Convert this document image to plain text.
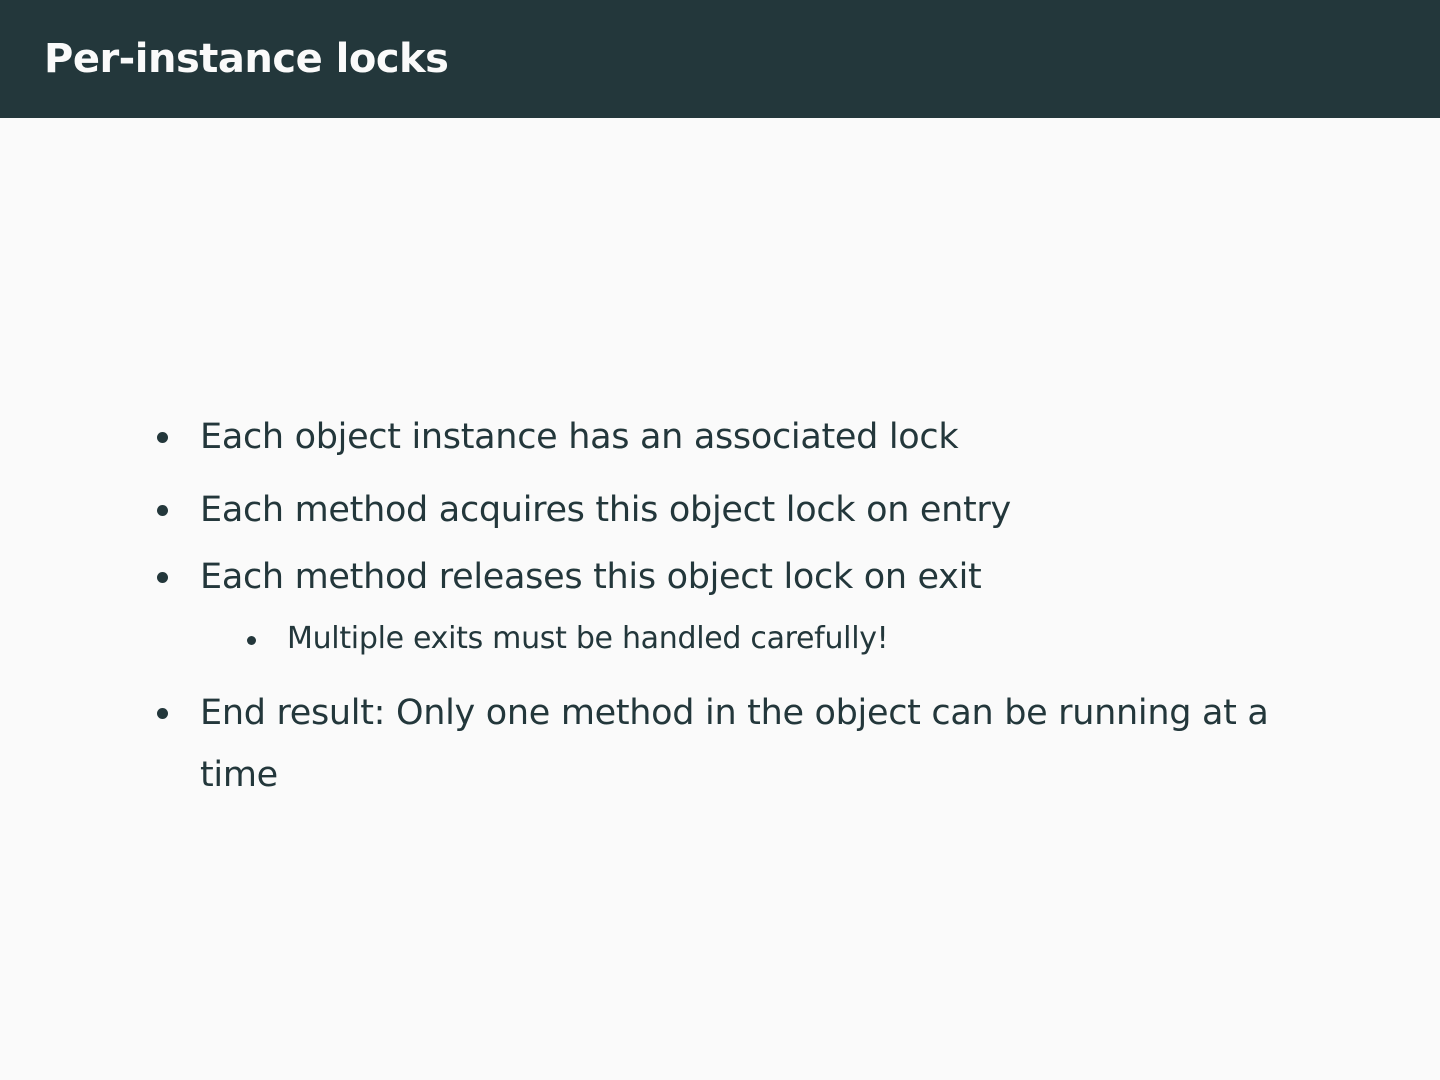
Per-instance locks
Each object instance has an associated lock
Each method acquires this object lock on entry
Each method releases this object lock on exit
Multiple exits must be handled carefully!
End result: Only one method in the object can be running at a time
